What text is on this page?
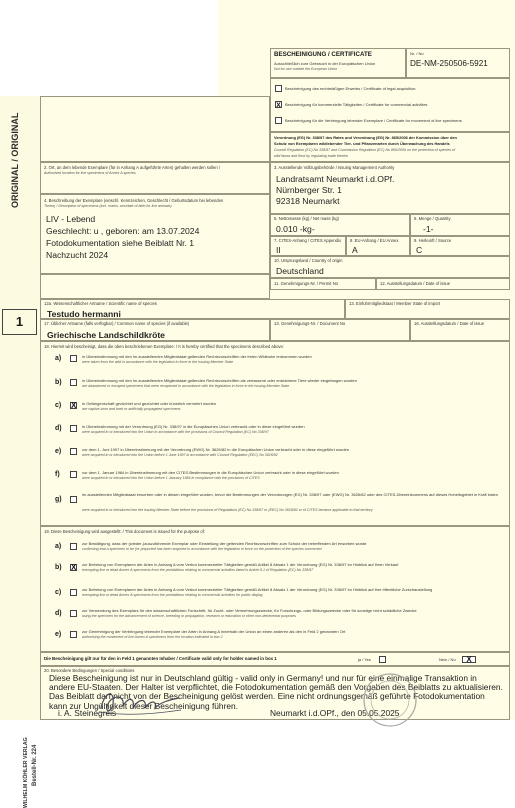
ORIGINAL / ORIGINAL
1
WILHELM KÖHLER VERLAG Bestell-Nr. 224
BESCHEINIGUNG / CERTIFICATE
Ausschließlich zum Gebrauch in der Europäischen Union
Not for use outside the European Union
Nr. / No
DE-NM-250506-5921
Bescheinigung des rechtmäßigen Erwerbs / Certificate of legal acquisition
x	Bescheinigung für kommerzielle Tätigkeiten / Certificate for commercial activities
Bescheinigung für die Verbringung lebender Exemplare / Certificate for movement of live specimens
Verordnung (EG) Nr. 338/97 des Rates und Verordnung (EG) Nr. 865/2006 der Kommission über den
Schutz von Exemplaren wildlebender Tier- und Pflanzenarten durch Überwachung des Handels
Council Regulation (EC) No 338/97 and Commission Regulation (EC) No 865/2006 on the protection of species of
wild fauna and flora by regulating trade therein
2. Ort, an dem lebende Exemplare (für in Anhang A aufgeführte Arten) gehalten werden sollen /
Authorised location for live specimens of Annex A species
3. Ausstellende Vollzugsbehörde / Issuing Management Authority
Landratsamt Neumarkt i.d.OPf.
Nürnberger Str. 1
92318 Neumarkt
4. Beschreibung der Exemplare (einschl. Kennzeichen, Geschlecht / Geburtsdatum bei lebenden
Tieren) / Description of specimens (incl. marks, sex/date of birth for live animals)
LIV - Lebend
Geschlecht: u , geboren: am 13.07.2024
Fotodokumentation siehe Beiblatt Nr. 1
Nachzucht 2024
5. Nettomasse (kg) / Net mass (kg)
0.010 -kg-
6. Menge / Quantity
-1-
7. CITES-Anhang / CITES Appendix
II
8. EU-Anhang / EU Annex
A
9. Herkunft / Source
C
10. Ursprungsland / Country of origin
Deutschland
11. Genehmigungs-Nr. / Permit No	12. Ausstellungsdatum / Date of issue
12a. Wissenschaftlicher Artname / Scientific name of species
Testudo hermanni
13. Einfuhrmitgliedstaat / Member State of import
17. Üblicher Artname (falls verfügbar) / Common name of species (if available)
Griechische Landschildkröte
13. Genehmigungs-Nr. / Document No	16. Ausstellungsdatum / Date of issue
18. Hiermit wird bescheinigt, dass die oben beschriebenen Exemplare: / It is hereby certified that the specimens described above:
a)	in Übereinstimmung mit den im ausstellenden Mitgliedstaat geltenden Rechtsvorschriften der freien Wildbahn entnommen wurden
were taken from the wild in accordance with the legislation in force in the issuing Member State
b)	in Übereinstimmung mit den im ausstellenden Mitgliedstaat geltenden Rechtsvorschriften als verlassene oder entwichene Tiere wieder eingefangen wurden
are abandoned or escaped specimens that were recaptured in accordance with the legislation in force in the issuing Member State
c) X in Gefangenschaft gezüchtet und gezüchtet oder künstlich vermehrt wurden
are captive-born and bred or artificially propagated specimens
d)	in Übereinstimmung mit der Verordnung (EG) Nr. 338/97 in die Europäischen Union verbracht oder in diese eingeführt wurden
were acquired in or introduced into the Union in accordance with the provisions of Council Regulation (EC) No 338/97
e)	vor dem 1. Juni 1997 in Übereinstimmung mit der Verordnung (EWG) Nr. 3626/82 in die Europäischen Union verbracht oder in diese eingeführt wurden
were acquired in or introduced into the Union before 1 June 1997 in accordance with Council Regulation (EEC) No 3626/82
f)	vor dem 1. Januar 1984 in Übereinstimmung mit den CITES-Bestimmungen in die Europäischen Union verbracht oder in diese eingeführt wurden
were acquired in or introduced into the Union before 1 January 1984 in compliance with the provisions of CITES
g)
im ausstellenden Mitgliedstaat erworben oder in diesen eingeführt wurden, bevor die Bestimmungen der Verordnungen (EG) Nr. 338/97 oder (EWG) Nr. 3626/82 oder des CITES-Übereinkommens auf dieses Hoheitsgebiet in Kraft traten
were acquired in or introduced into the issuing Member State before the provisions of Regulations (EC) No 338/97 or (EEC) No 3626/82 or of CITES became applicable to that territory
19. Diese Bescheinigung wird ausgestellt: / This document is issued for the purpose of:
a)	zur Bestätigung, dass der (wieder-)auszuführende Exemplar oder Einstellung der geltenden Rechtsvorschriften zum Schutz der betreffenden Art erworben wurde
confirming that a specimen to be (re-)exported has been acquired in accordance with the legislation in force on the protection of the species concerned
b) X zur Befreiung von Exemplaren der Arten in Anhang A vom Verbot kommerzieller Tätigkeiten gemäß Artikel 8 Absatz 1 der Verordnung (EG) Nr. 338/97 im Hinblick auf ihren Verkauf
exempting live or dead Annex A specimens from the prohibitions relating to commercial activities listed in Article 8.1 of Regulation (EC) No 338/97
c)	zur Befreiung von Exemplaren der Arten in Anhang A vom Verbot kommerzieller Tätigkeiten gemäß Artikel 8 Absatz 1 der Verordnung (EG) Nr. 338/97 im Hinblick auf ihre öffentliche Zurschaustellung
exempting live or dead Annex A specimens from the prohibitions relating to commercial activities for public display
d)	zur Verwendung des Exemplars für den wissenschaftlichen Fortschritt, für Zucht- oder Vermehrungszwecke, für Forschungs- oder Bildungszwecke oder für sonstige nicht schädliche Zwecke
using the specimen for the advancement of science, breeding or propagation, research or education or other non-detrimental purposes
e)	zur Genehmigung der Verbringung lebender Exemplare der Arten in Anhang A innerhalb der Union an einen anderen als den in Feld 2 genannten Ort
authorising the movement of live Annex A specimens from the location indicated in box 2
Die Bescheinigung gilt nur für den in Feld 1 genannten Inhaber / Certificate valid only for holder named in box 1	ja / Yes	Nein / No	X
20. Besondere Bedingungen / Special conditions
Diese Bescheinigung ist nur in Deutschland gültig - valid only in Germany! und nur für eine einmalige Transaktion in andere EU-Staaten. Der Halter ist verpflichtet, die Fotodokumentation gemäß den Vorgaben des Beiblatts zu aktualisieren. Das Beiblatt darf nicht von der Bescheinigung gelöst werden. Eine nicht ordnungsgemäß geführte Fotodokumentation kann zur Ungültigkeit dieser Bescheinigung führen.
i. A. Steinegreis	Neumarkt i.d.OPf., den 05.05.2025
